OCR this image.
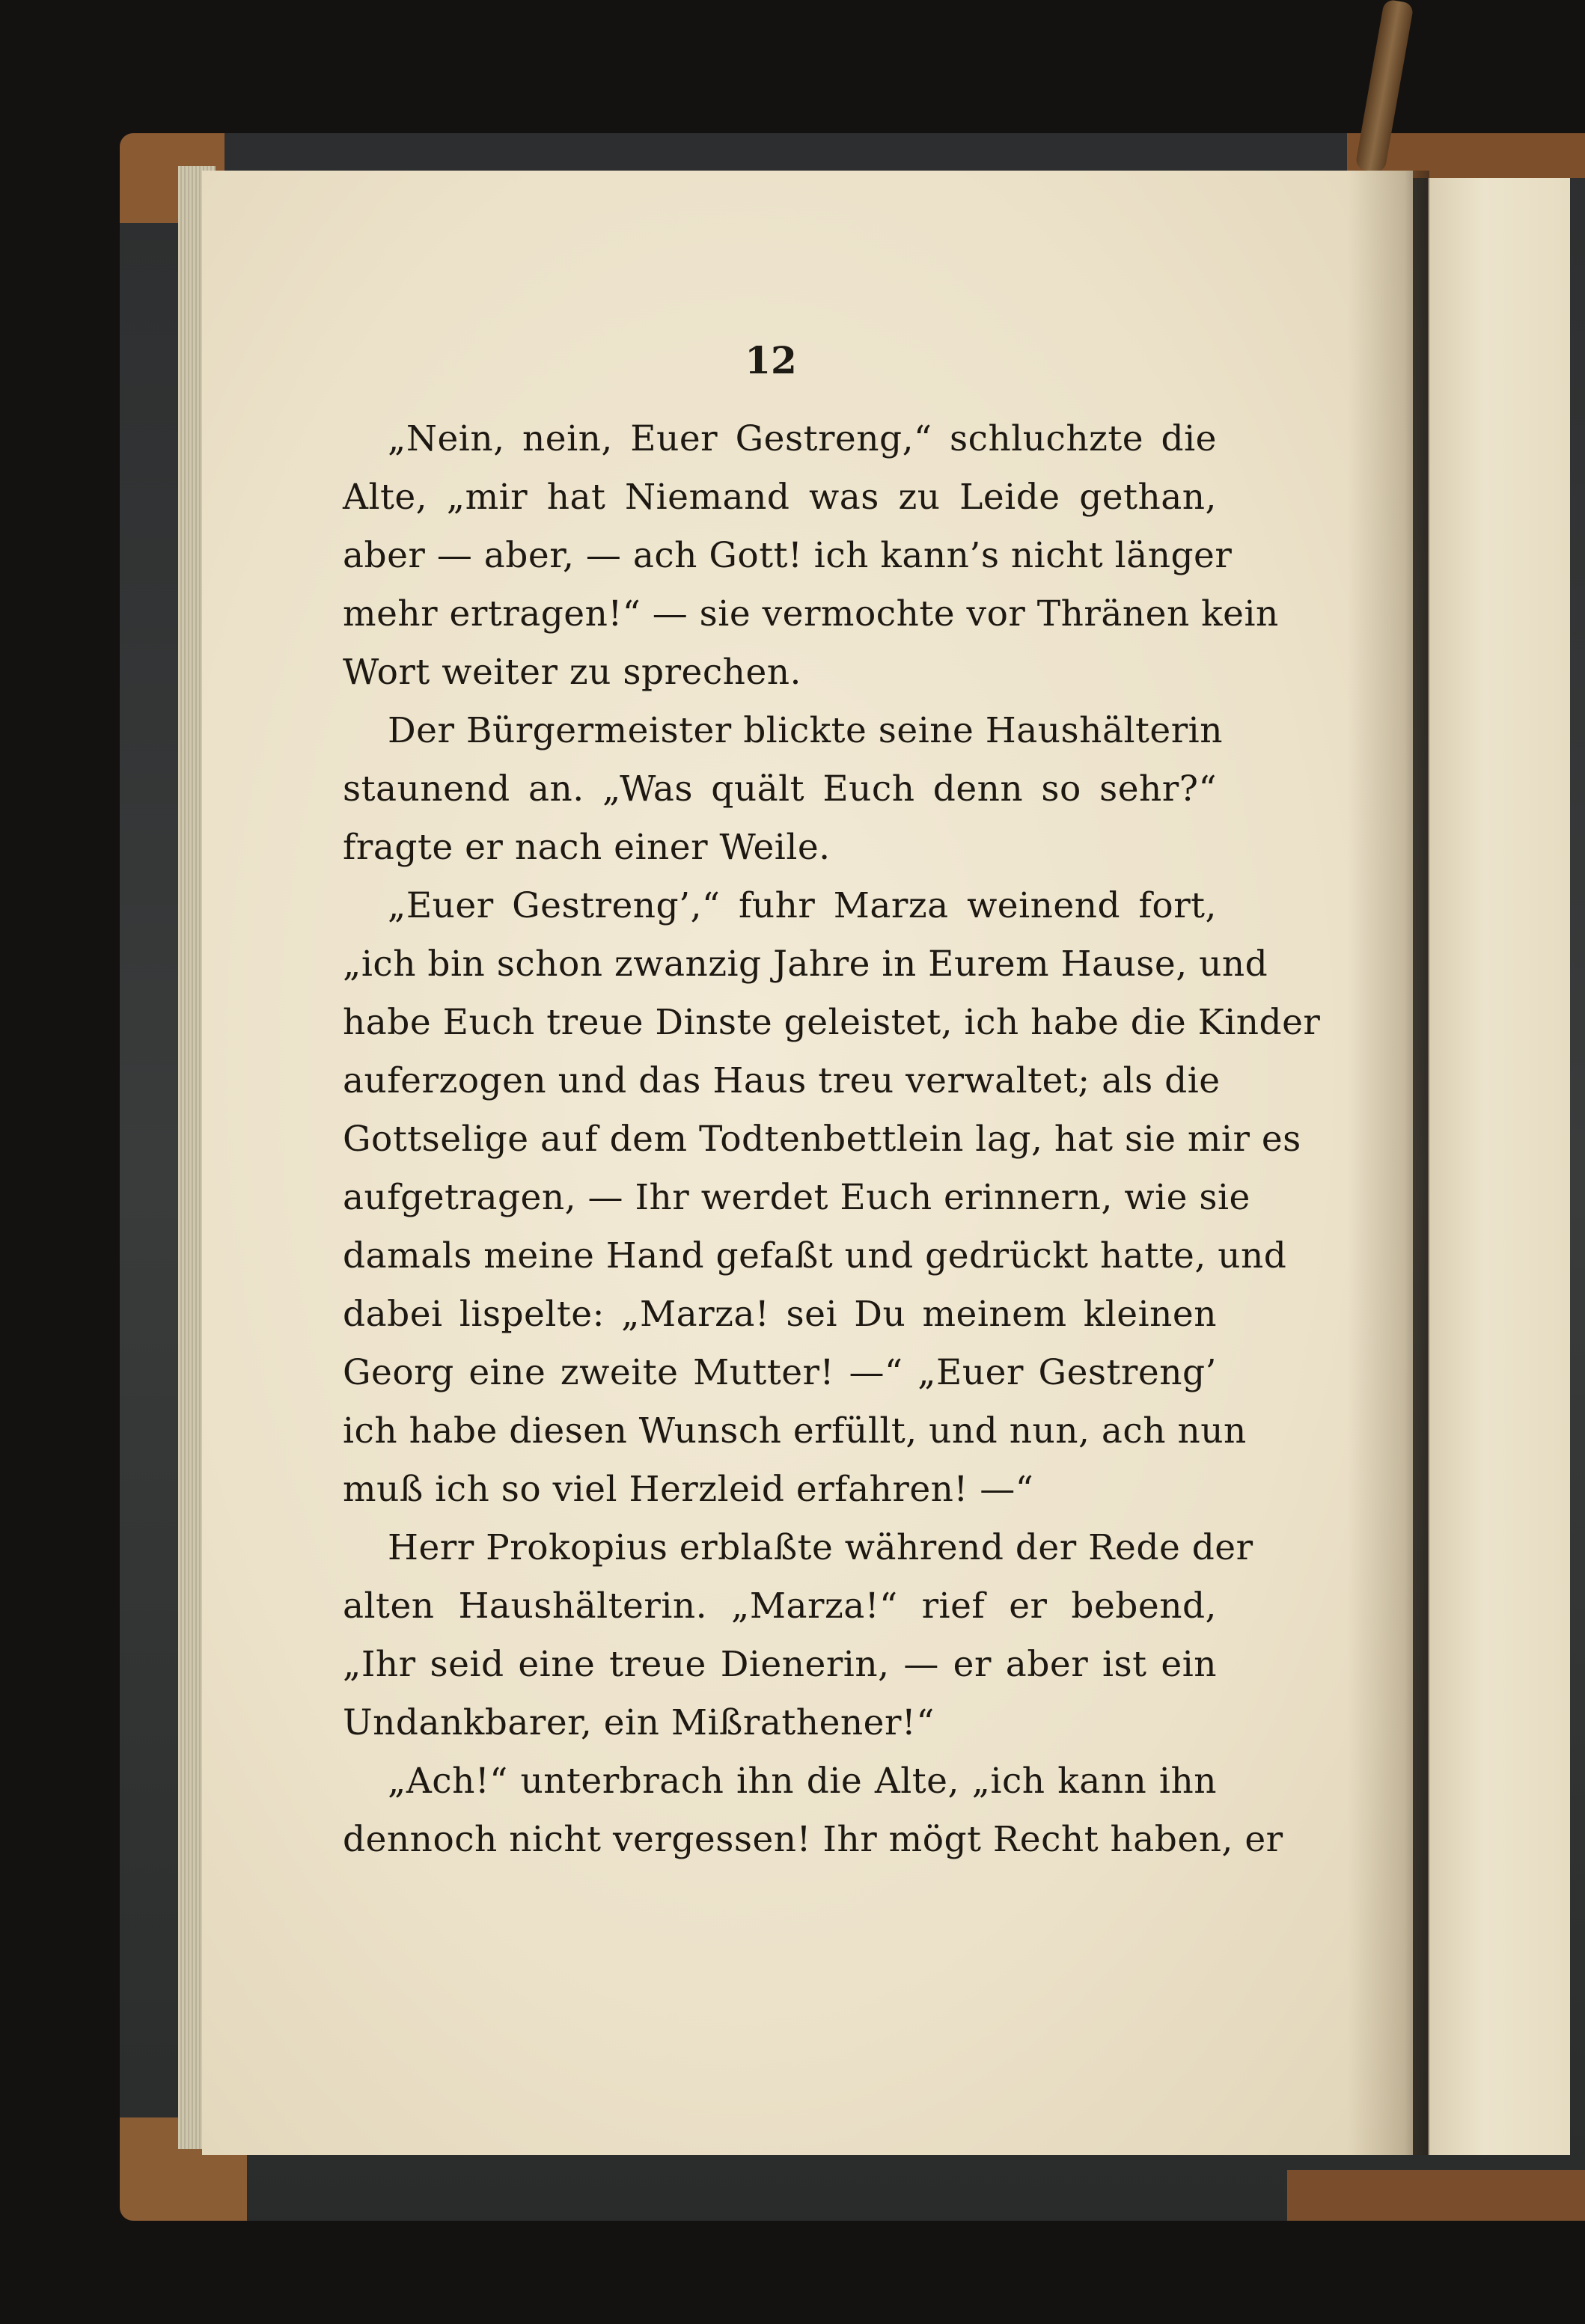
12
„Nein, nein, Euer Gestreng,“ schluchzte die
Alte, „mir hat Niemand was zu Leide gethan,
aber — aber, — ach Gott! ich kann’s nicht länger
mehr ertragen!“ — sie vermochte vor Thränen kein
Wort weiter zu sprechen.
Der Bürgermeister blickte seine Haushälterin
staunend an. „Was quält Euch denn so sehr?“
fragte er nach einer Weile.
„Euer Gestreng’,“ fuhr Marza weinend fort,
„ich bin schon zwanzig Jahre in Eurem Hause, und
habe Euch treue Dinste geleistet, ich habe die Kinder
auferzogen und das Haus treu verwaltet; als die
Gottselige auf dem Todtenbettlein lag, hat sie mir es
aufgetragen, — Ihr werdet Euch erinnern, wie sie
damals meine Hand gefaßt und gedrückt hatte, und
dabei lispelte: „Marza! sei Du meinem kleinen
Georg eine zweite Mutter! —“ „Euer Gestreng’
ich habe diesen Wunsch erfüllt, und nun, ach nun
muß ich so viel Herzleid erfahren! —“
Herr Prokopius erblaßte während der Rede der
alten Haushälterin. „Marza!“ rief er bebend,
„Ihr seid eine treue Dienerin, — er aber ist ein
Undankbarer, ein Mißrathener!“
„Ach!“ unterbrach ihn die Alte, „ich kann ihn
dennoch nicht vergessen! Ihr mögt Recht haben, er
